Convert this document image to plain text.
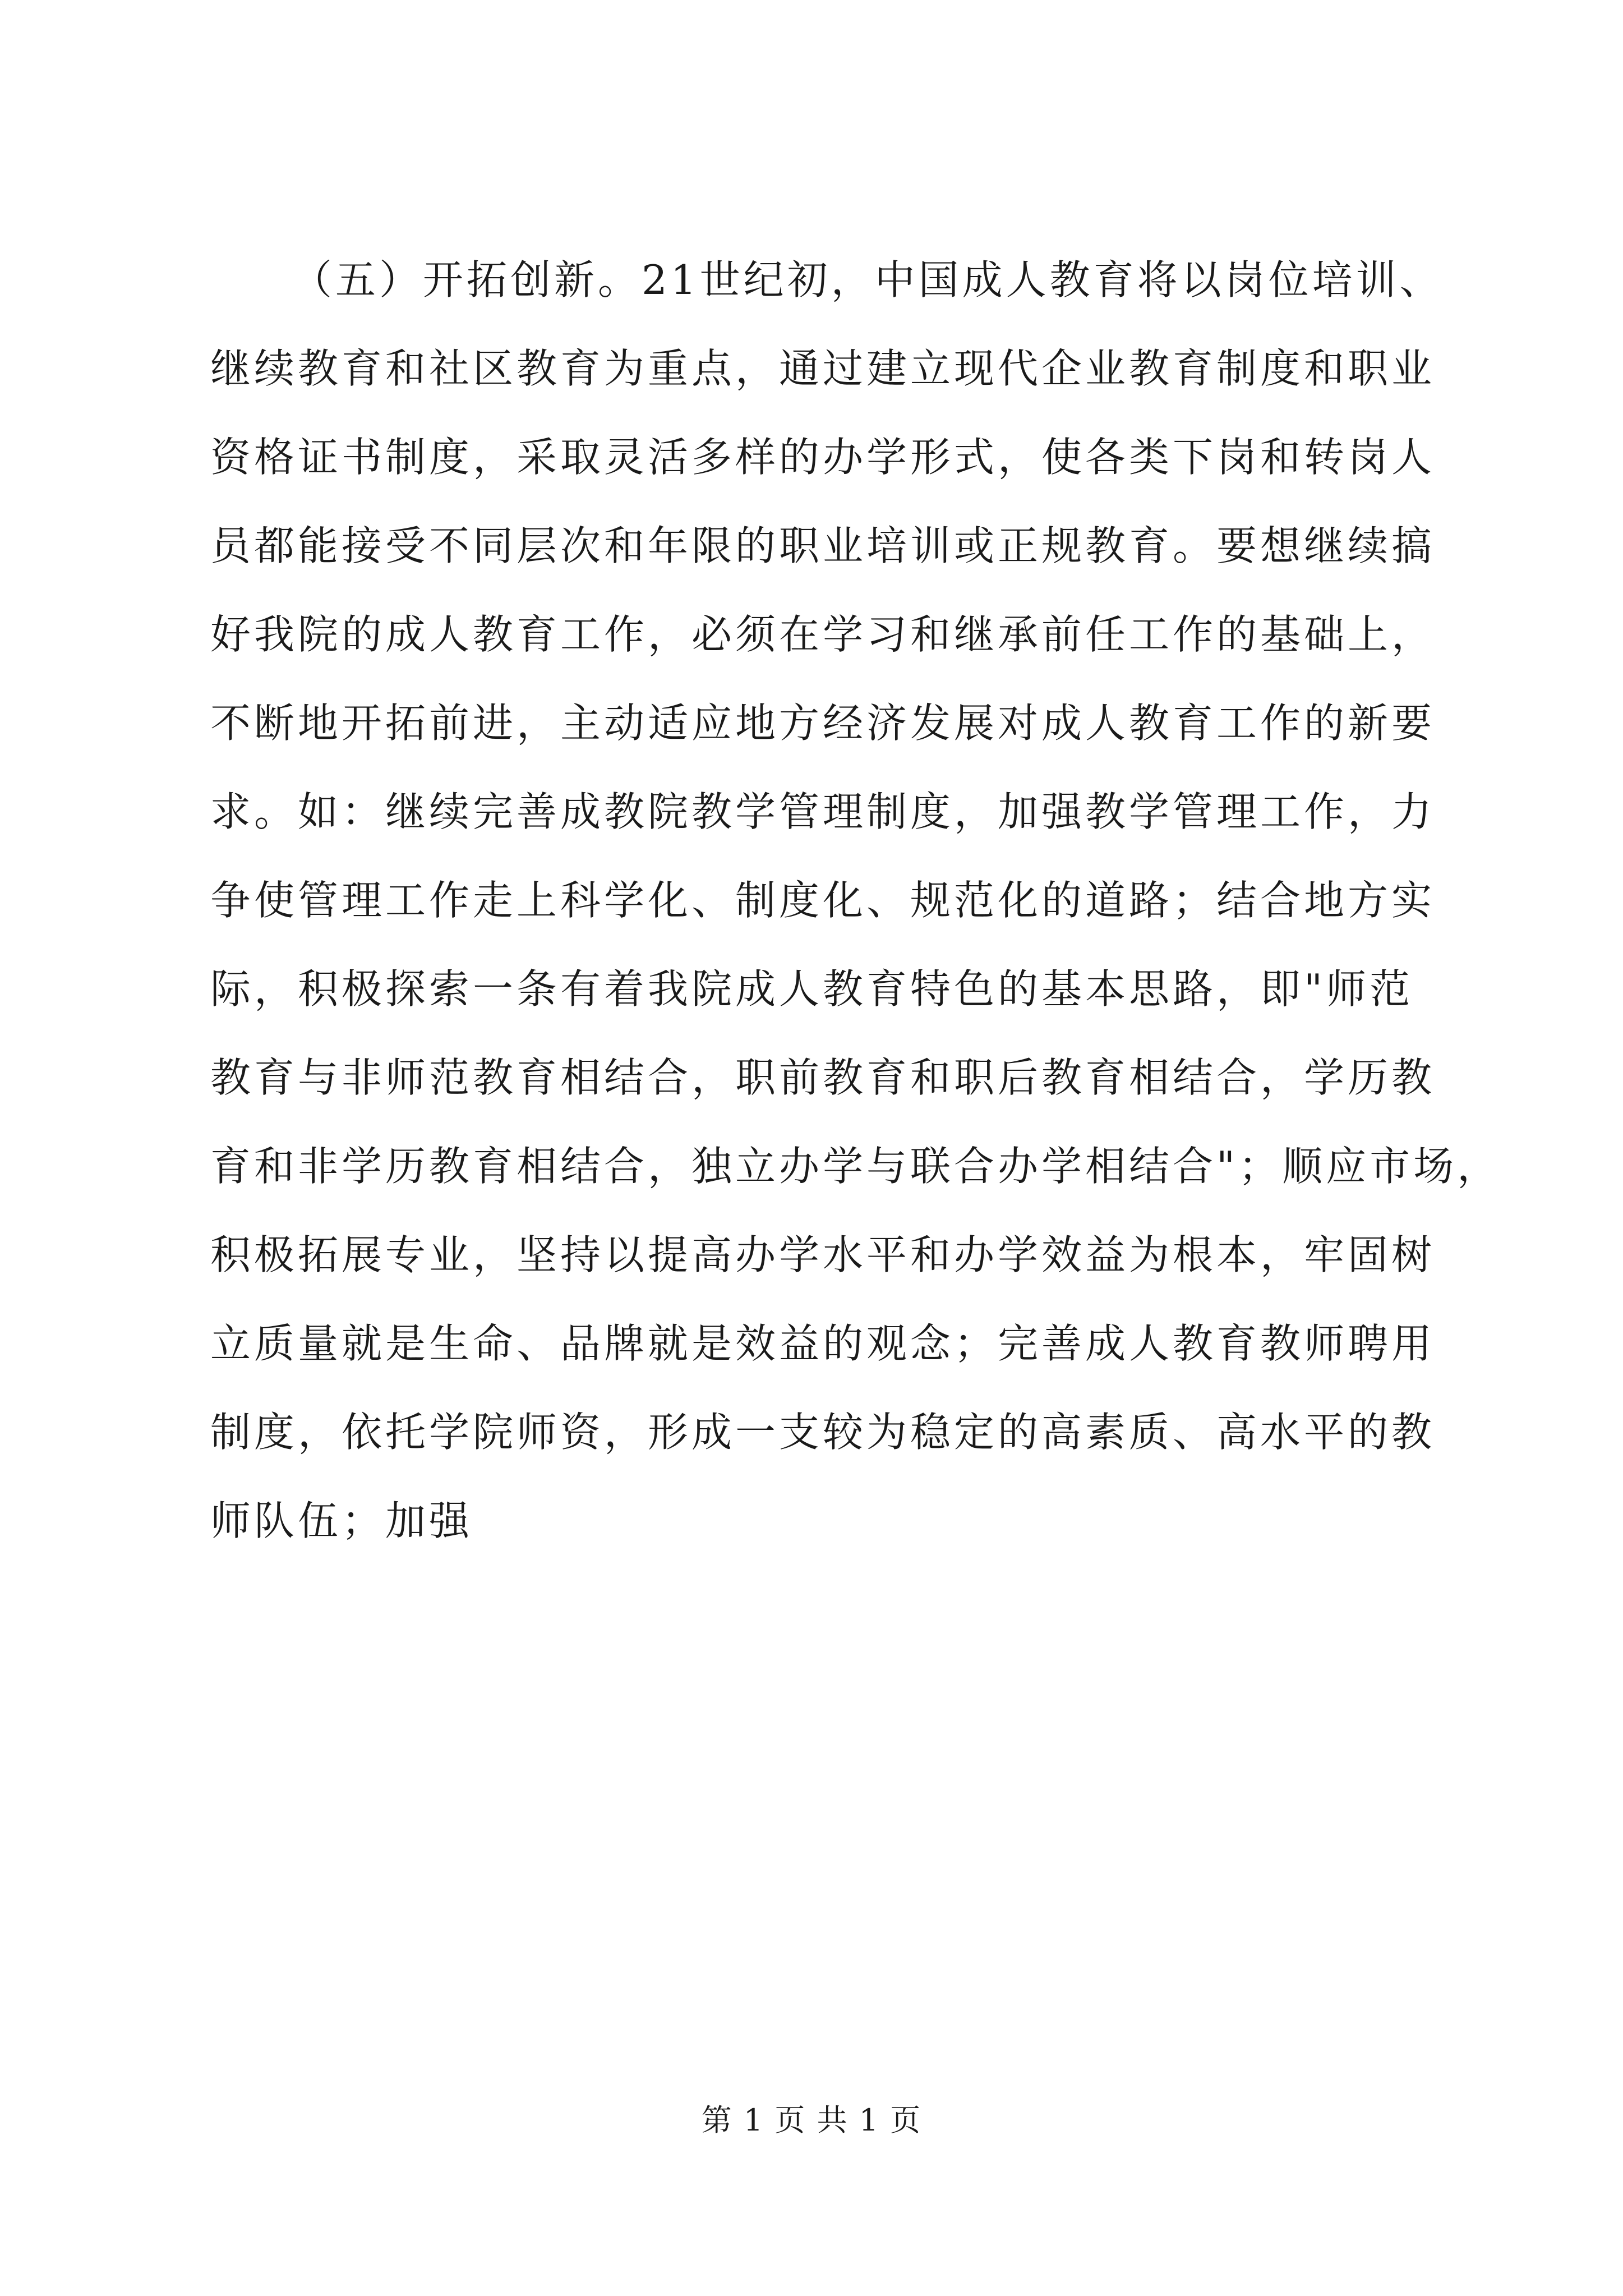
（五）开拓创新。21世纪初，中国成人教育将以岗位培训、
继续教育和社区教育为重点，通过建立现代企业教育制度和职业
资格证书制度，采取灵活多样的办学形式，使各类下岗和转岗人
员都能接受不同层次和年限的职业培训或正规教育。要想继续搞
好我院的成人教育工作，必须在学习和继承前任工作的基础上，
不断地开拓前进，主动适应地方经济发展对成人教育工作的新要
求。如：继续完善成教院教学管理制度，加强教学管理工作，力
争使管理工作走上科学化、制度化、规范化的道路；结合地方实
际，积极探索一条有着我院成人教育特色的基本思路，即"师范
教育与非师范教育相结合，职前教育和职后教育相结合，学历教
育和非学历教育相结合，独立办学与联合办学相结合"；顺应市场，
积极拓展专业，坚持以提高办学水平和办学效益为根本，牢固树
立质量就是生命、品牌就是效益的观念；完善成人教育教师聘用
制度，依托学院师资，形成一支较为稳定的高素质、高水平的教
师队伍；加强
第 1 页 共 1 页
